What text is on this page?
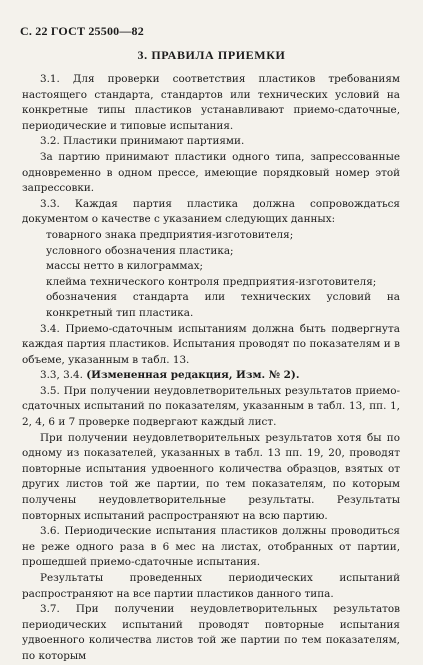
С. 22 ГОСТ 25500—82
3. ПРАВИЛА ПРИЕМКИ

3.1. Для проверки соответствия пластиков требованиям настоящего стандарта, стандартов или технических условий на конкретные типы пластиков устанавливают приемо-сдаточные, периодические и типовые испытания.

3.2. Пластики принимают партиями.

За партию принимают пластики одного типа, запрессованные одновременно в одном прессе, имеющие порядковый номер этой запрессовки.

3.3. Каждая партия пластика должна сопровождаться документом о качестве с указанием следующих данных:

товарного знака предприятия-изготовителя;

условного обозначения пластика;

массы нетто в килограммах;

клейма технического контроля предприятия-изготовителя;

обозначения стандарта или технических условий на конкретный тип пластика.

3.4. Приемо-сдаточным испытаниям должна быть подвергнута каждая партия пластиков. Испытания проводят по показателям и в объеме, указанным в табл. 13.

3.3, 3.4. (Измененная редакция, Изм. № 2).

3.5. При получении неудовлетворительных результатов приемо-сдаточных испытаний по показателям, указанным в табл. 13, пп. 1, 2, 4, 6 и 7 проверке подвергают каждый лист.

При получении неудовлетворительных результатов хотя бы по одному из показателей, указанных в табл. 13 пп. 19, 20, проводят повторные испытания удвоенного количества образцов, взятых от других листов той же партии, по тем показателям, по которым получены неудовлетворительные результаты. Результаты повторных испытаний распространяют на всю партию.

3.6. Периодические испытания пластиков должны проводиться не реже одного раза в 6 мес на листах, отобранных от партии, прошедшей приемо-сдаточные испытания.

Результаты проведенных периодических испытаний распространяют на все партии пластиков данного типа.

3.7. При получении неудовлетворительных результатов периодических испытаний проводят повторные испытания удвоенного количества листов той же партии по тем показателям, по которым
